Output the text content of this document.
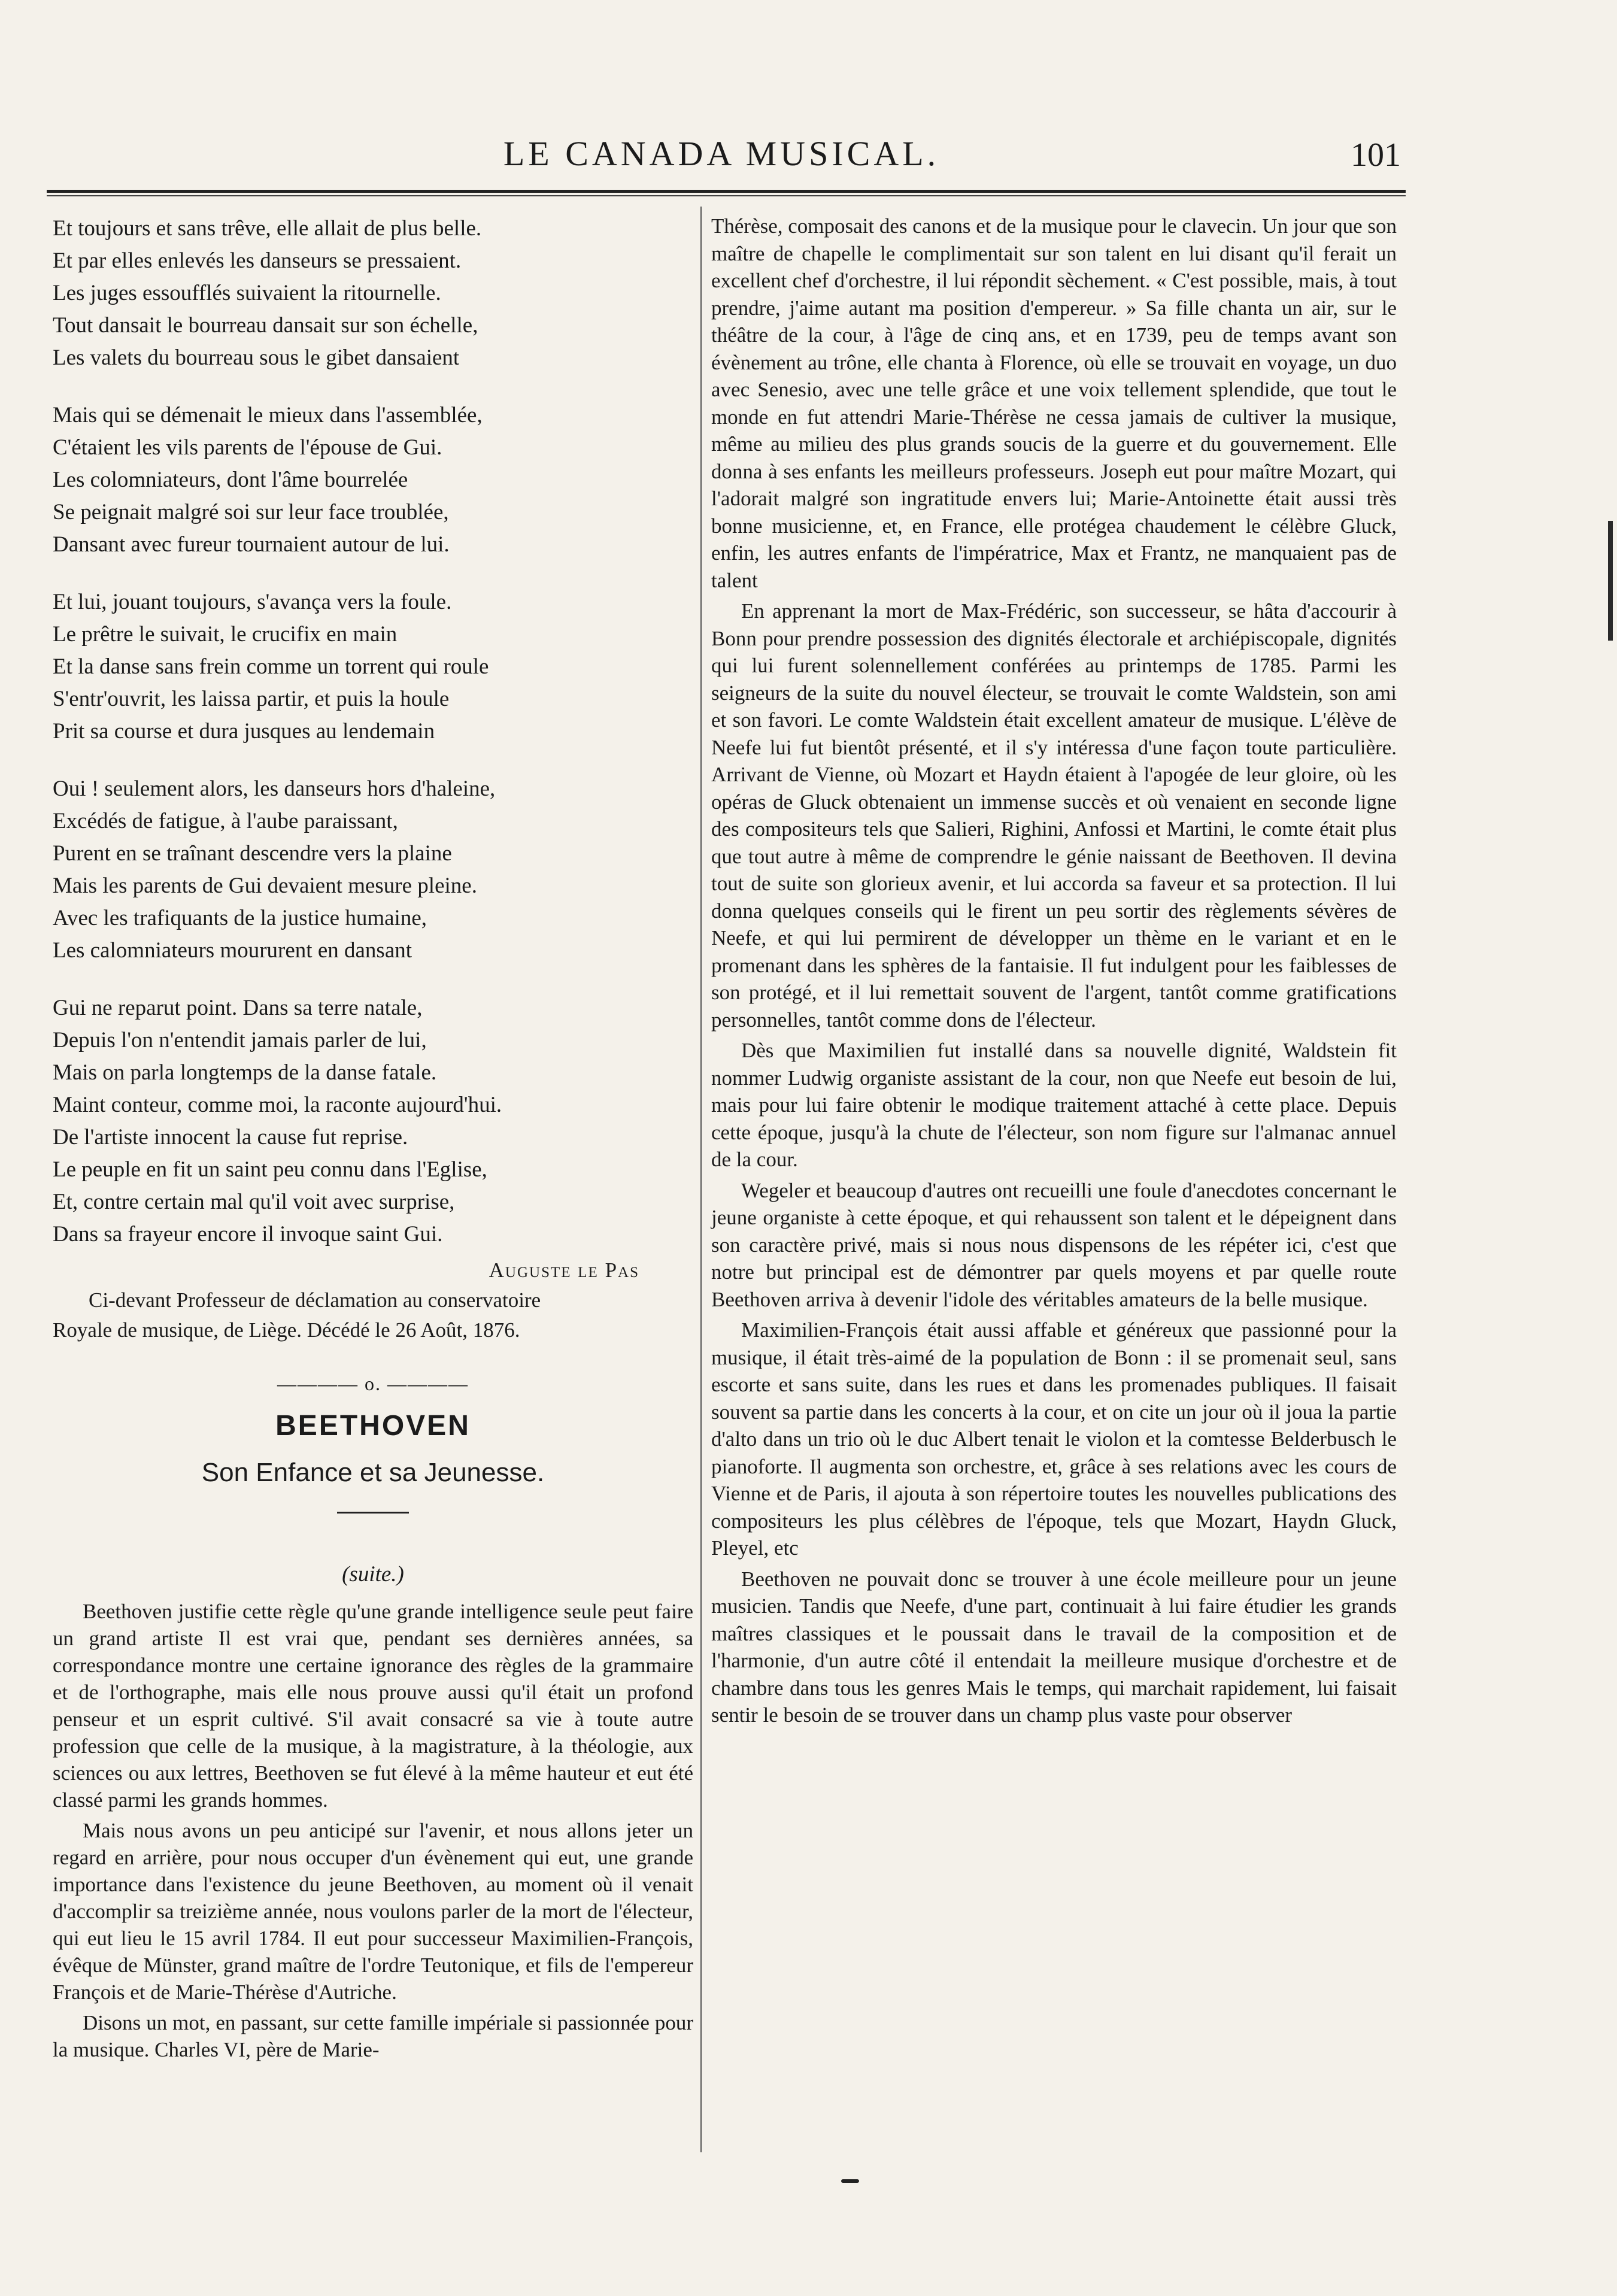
LE CANADA MUSICAL.	101
Et toujours et sans trêve, elle allait de plus belle.
Et par elles enlevés les danseurs se pressaient.
Les juges essoufflés suivaient la ritournelle.
Tout dansait le bourreau dansait sur son échelle,
Les valets du bourreau sous le gibet dansaient
Mais qui se démenait le mieux dans l'assemblée,
C'étaient les vils parents de l'épouse de Gui.
Les colomniateurs, dont l'âme bourrelée
Se peignait malgré soi sur leur face troublée,
Dansant avec fureur tournaient autour de lui.
Et lui, jouant toujours, s'avança vers la foule.
Le prêtre le suivait, le crucifix en main
Et la danse sans frein comme un torrent qui roule
S'entr'ouvrit, les laissa partir, et puis la houle
Prit sa course et dura jusques au lendemain
Oui ! seulement alors, les danseurs hors d'haleine,
Excédés de fatigue, à l'aube paraissant,
Purent en se traînant descendre vers la plaine
Mais les parents de Gui devaient mesure pleine.
Avec les trafiquants de la justice humaine,
Les calomniateurs moururent en dansant
Gui ne reparut point. Dans sa terre natale,
Depuis l'on n'entendit jamais parler de lui,
Mais on parla longtemps de la danse fatale.
Maint conteur, comme moi, la raconte aujourd'hui.
De l'artiste innocent la cause fut reprise.
Le peuple en fit un saint peu connu dans l'Eglise,
Et, contre certain mal qu'il voit avec surprise,
Dans sa frayeur encore il invoque saint Gui.
Auguste le Pas
Ci-devant Professeur de déclamation au conservatoire
Royale de musique, de Liège. Décédé le 26 Août, 1876.
———— o. ————
BEETHOVEN
Son Enfance et sa Jeunesse.
(suite.)

Beethoven justifie cette règle qu'une grande intelligence seule peut faire un grand artiste Il est vrai que, pendant ses dernières années, sa correspondance montre une certaine ignorance des règles de la grammaire et de l'orthographe, mais elle nous prouve aussi qu'il était un profond penseur et un esprit cultivé. S'il avait consacré sa vie à toute autre profession que celle de la musique, à la magistrature, à la théologie, aux sciences ou aux lettres, Beethoven se fut élevé à la même hauteur et eut été classé parmi les grands hommes.

Mais nous avons un peu anticipé sur l'avenir, et nous allons jeter un regard en arrière, pour nous occuper d'un évènement qui eut, une grande importance dans l'existence du jeune Beethoven, au moment où il venait d'accomplir sa treizième année, nous voulons parler de la mort de l'électeur, qui eut lieu le 15 avril 1784. Il eut pour successeur Maximilien-François, évêque de Münster, grand maître de l'ordre Teutonique, et fils de l'empereur François et de Marie-Thérèse d'Autriche.

Disons un mot, en passant, sur cette famille impériale si passionnée pour la musique. Charles VI, père de Marie-

Thérèse, composait des canons et de la musique pour le clavecin. Un jour que son maître de chapelle le complimentait sur son talent en lui disant qu'il ferait un excellent chef d'orchestre, il lui répondit sèchement. « C'est possible, mais, à tout prendre, j'aime autant ma position d'empereur. » Sa fille chanta un air, sur le théâtre de la cour, à l'âge de cinq ans, et en 1739, peu de temps avant son évènement au trône, elle chanta à Florence, où elle se trouvait en voyage, un duo avec Senesio, avec une telle grâce et une voix tellement splendide, que tout le monde en fut attendri Marie-Thérèse ne cessa jamais de cultiver la musique, même au milieu des plus grands soucis de la guerre et du gouvernement. Elle donna à ses enfants les meilleurs professeurs. Joseph eut pour maître Mozart, qui l'adorait malgré son ingratitude envers lui; Marie-Antoinette était aussi très bonne musicienne, et, en France, elle protégea chaudement le célèbre Gluck, enfin, les autres enfants de l'impératrice, Max et Frantz, ne manquaient pas de talent

En apprenant la mort de Max-Frédéric, son successeur, se hâta d'accourir à Bonn pour prendre possession des dignités électorale et archiépiscopale, dignités qui lui furent solennellement conférées au printemps de 1785. Parmi les seigneurs de la suite du nouvel électeur, se trouvait le comte Waldstein, son ami et son favori. Le comte Waldstein était excellent amateur de musique. L'élève de Neefe lui fut bientôt présenté, et il s'y intéressa d'une façon toute particulière. Arrivant de Vienne, où Mozart et Haydn étaient à l'apogée de leur gloire, où les opéras de Gluck obtenaient un immense succès et où venaient en seconde ligne des compositeurs tels que Salieri, Righini, Anfossi et Martini, le comte était plus que tout autre à même de comprendre le génie naissant de Beethoven. Il devina tout de suite son glorieux avenir, et lui accorda sa faveur et sa protection. Il lui donna quelques conseils qui le firent un peu sortir des règlements sévères de Neefe, et qui lui permirent de développer un thème en le variant et en le promenant dans les sphères de la fantaisie. Il fut indulgent pour les faiblesses de son protégé, et il lui remettait souvent de l'argent, tantôt comme gratifications personnelles, tantôt comme dons de l'électeur.

Dès que Maximilien fut installé dans sa nouvelle dignité, Waldstein fit nommer Ludwig organiste assistant de la cour, non que Neefe eut besoin de lui, mais pour lui faire obtenir le modique traitement attaché à cette place. Depuis cette époque, jusqu'à la chute de l'électeur, son nom figure sur l'almanac annuel de la cour.

Wegeler et beaucoup d'autres ont recueilli une foule d'anecdotes concernant le jeune organiste à cette époque, et qui rehaussent son talent et le dépeignent dans son caractère privé, mais si nous nous dispensons de les répéter ici, c'est que notre but principal est de démontrer par quels moyens et par quelle route Beethoven arriva à devenir l'idole des véritables amateurs de la belle musique.

Maximilien-François était aussi affable et généreux que passionné pour la musique, il était très-aimé de la population de Bonn : il se promenait seul, sans escorte et sans suite, dans les rues et dans les promenades publiques. Il faisait souvent sa partie dans les concerts à la cour, et on cite un jour où il joua la partie d'alto dans un trio où le duc Albert tenait le violon et la comtesse Belderbusch le pianoforte. Il augmenta son orchestre, et, grâce à ses relations avec les cours de Vienne et de Paris, il ajouta à son répertoire toutes les nouvelles publications des compositeurs les plus célèbres de l'époque, tels que Mozart, Haydn Gluck, Pleyel, etc

Beethoven ne pouvait donc se trouver à une école meilleure pour un jeune musicien. Tandis que Neefe, d'une part, continuait à lui faire étudier les grands maîtres classiques et le poussait dans le travail de la composition et de l'harmonie, d'un autre côté il entendait la meilleure musique d'orchestre et de chambre dans tous les genres Mais le temps, qui marchait rapidement, lui faisait sentir le besoin de se trouver dans un champ plus vaste pour observer
